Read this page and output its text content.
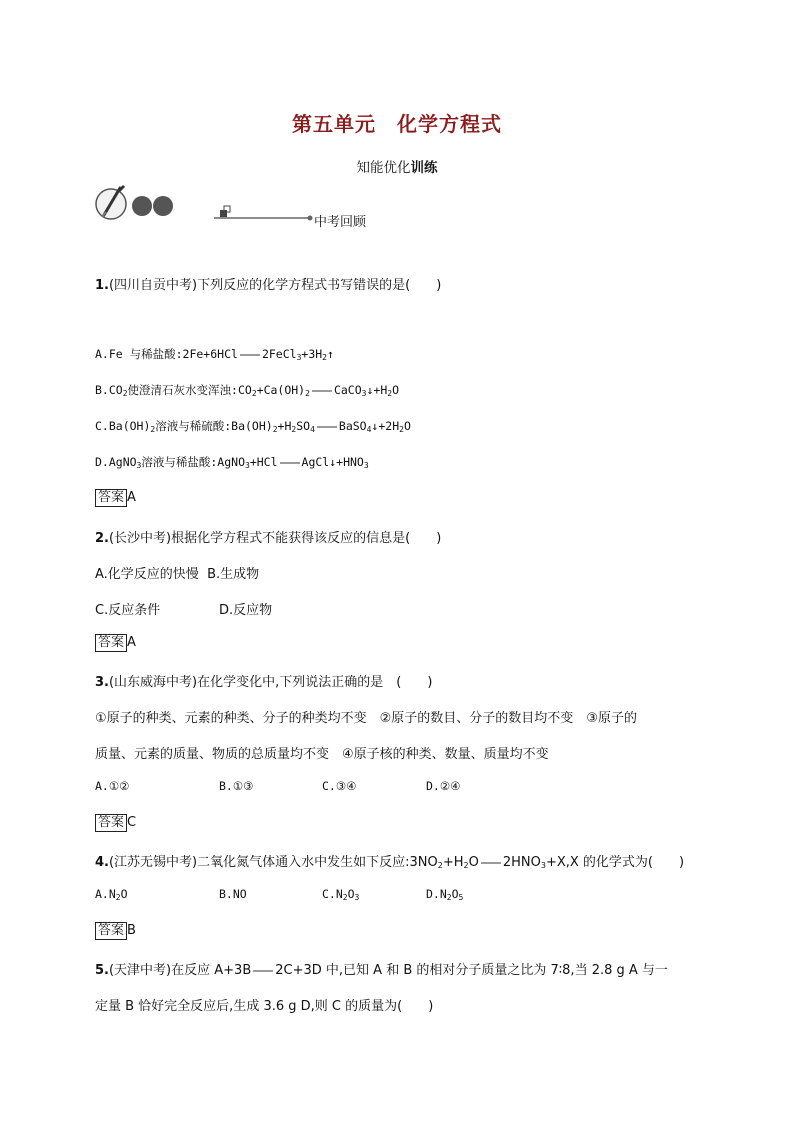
第五单元　化学方程式
知能优化训练
中考回顾
1.(四川自贡中考)下列反应的化学方程式书写错误的是(　　)
A.Fe 与稀盐酸:2Fe+6HCl $2FeCl_3+3H_2↑$
$B.CO_2$使澄清石灰水变浑浊$:CO_2+Ca(OH)_2$ $CaCO_3↓+H_2O$
$C.Ba(OH)_2$溶液与稀硫酸$:Ba(OH)_2+H_2SO_4$ $BaSO_4↓+2H_2O$
D.AgNO$_3$溶液与稀盐酸:AgNO$_3$+HCl $AgCl↓+HNO_3$
答案 A
2.(长沙中考)根据化学方程式不能获得该反应的信息是(　　)
A.化学反应的快慢 B.生成物
C.反应条件	D.反应物
答案 A
3.(山东威海中考)在化学变化中,下列说法正确的是　(　　)
①原子的种类、元素的种类、分子的种类均不变　②原子的数目、分子的数目均不变　③原子的
质量、元素的质量、物质的总质量均不变　④原子核的种类、数量、质量均不变
A.①②	B.①③	C.③④	D.②④
答案 C
4.(江苏无锡中考)二氧化氮气体通入水中发生如下反应$:3NO_2+H_2O$ $2HNO_3+X,X$ 的化学式为(　　)
$A.N_2O$	B.NO	$C.N_2O_3$	$D.N_2O_5$
答案 B
5.(天津中考)在反应 A+3B 2C+3D 中,已知 A 和 B 的相对分子质量之比为 7∶8,当 2.8 g A 与一
定量 B 恰好完全反应后,生成 3.6 g D,则 C 的质量为(　　)
